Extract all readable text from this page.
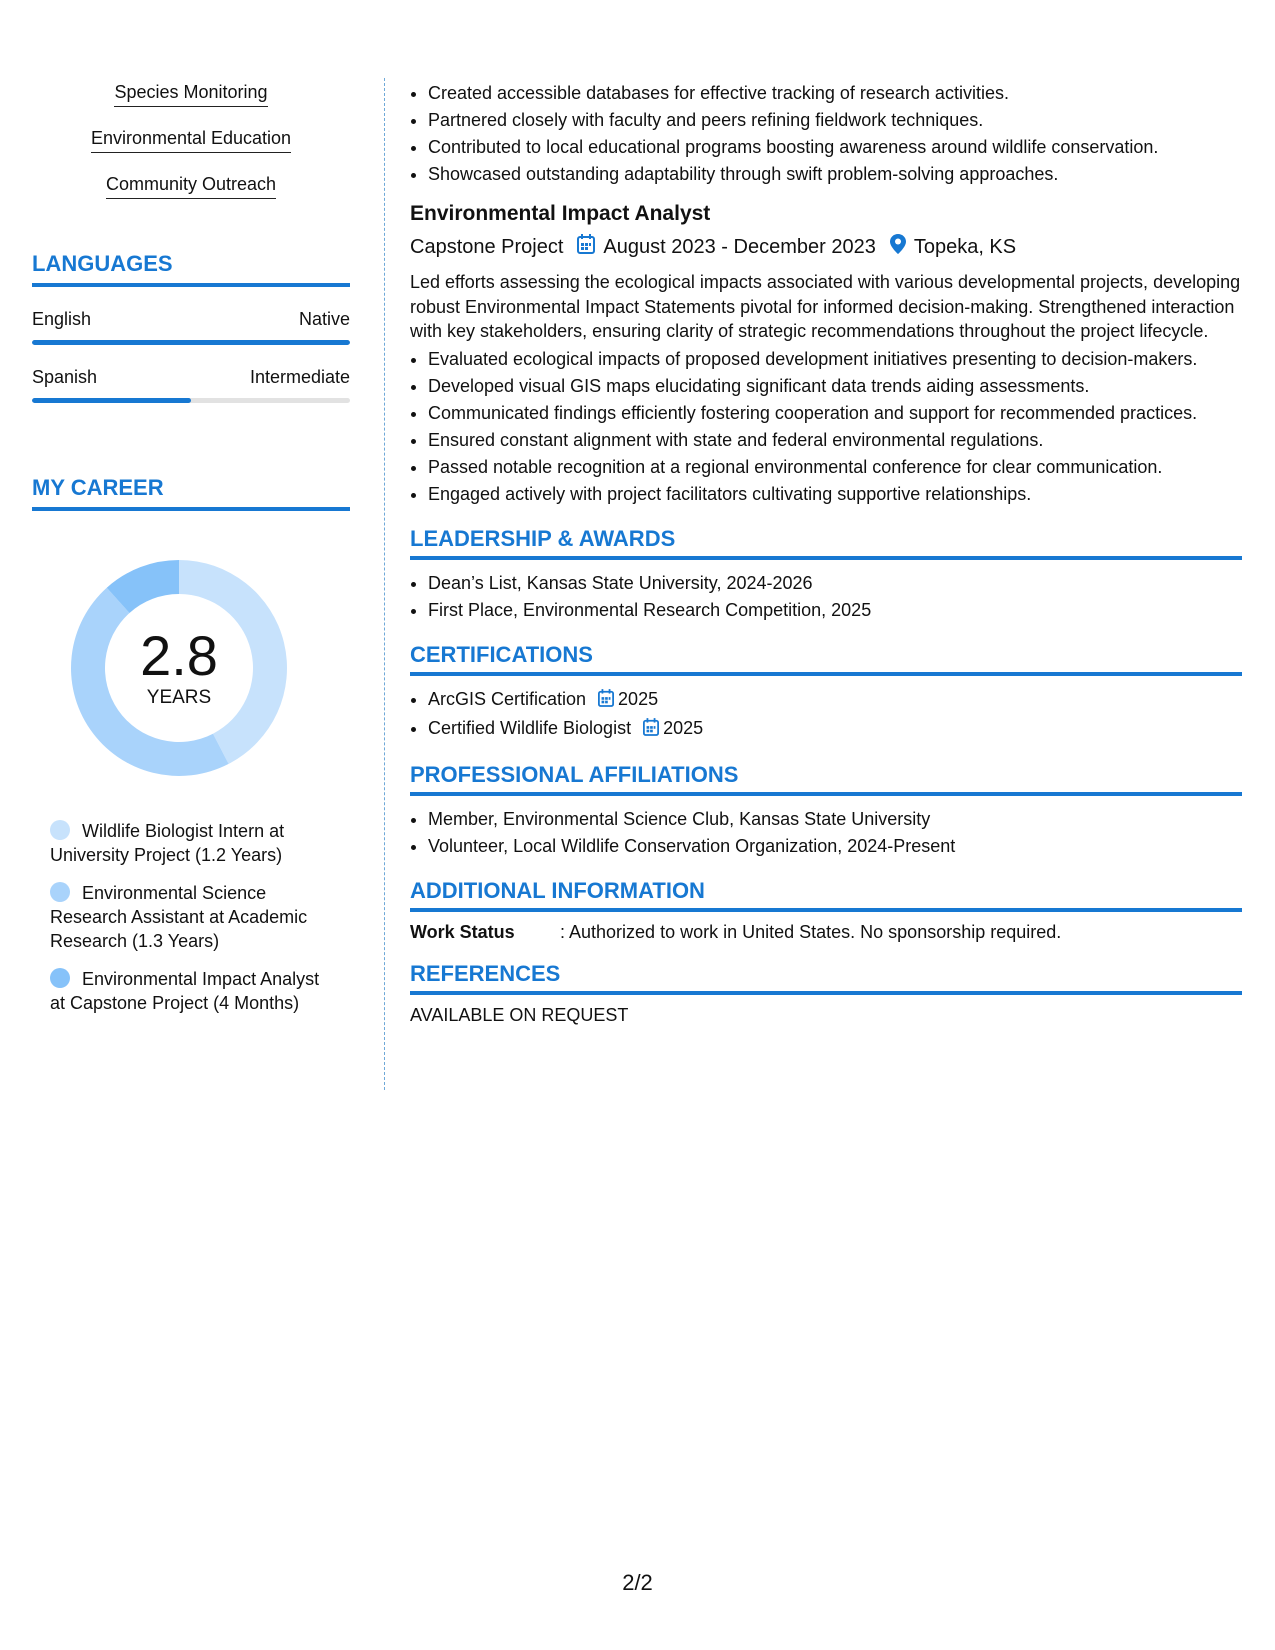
Species Monitoring
Environmental Education
Community Outreach
LANGUAGES
English	Native
Spanish	Intermediate
MY CAREER
2.8
YEARS
Wildlife Biologist Intern at University Project (1.2 Years)
Environmental Science Research Assistant at Academic Research (1.3 Years)
Environmental Impact Analyst at Capstone Project (4 Months)
• Created accessible databases for effective tracking of research activities.
• Partnered closely with faculty and peers refining fieldwork techniques.
• Contributed to local educational programs boosting awareness around wildlife conservation.
• Showcased outstanding adaptability through swift problem-solving approaches.
Environmental Impact Analyst
Capstone Project August 2023 - December 2023 Topeka, KS
Led efforts assessing the ecological impacts associated with various developmental projects, developing robust Environmental Impact Statements pivotal for informed decision-making. Strengthened interaction with key stakeholders, ensuring clarity of strategic recommendations throughout the project lifecycle.
• Evaluated ecological impacts of proposed development initiatives presenting to decision-makers.
• Developed visual GIS maps elucidating significant data trends aiding assessments.
• Communicated findings efficiently fostering cooperation and support for recommended practices.
• Ensured constant alignment with state and federal environmental regulations.
• Passed notable recognition at a regional environmental conference for clear communication.
• Engaged actively with project facilitators cultivating supportive relationships.
LEADERSHIP & AWARDS
• Dean’s List, Kansas State University, 2024-2026
• First Place, Environmental Research Competition, 2025
CERTIFICATIONS
• ArcGIS Certification 2025
• Certified Wildlife Biologist 2025
PROFESSIONAL AFFILIATIONS
• Member, Environmental Science Club, Kansas State University
• Volunteer, Local Wildlife Conservation Organization, 2024-Present
ADDITIONAL INFORMATION
Work Status	: Authorized to work in United States. No sponsorship required.
REFERENCES
AVAILABLE ON REQUEST
2/2
